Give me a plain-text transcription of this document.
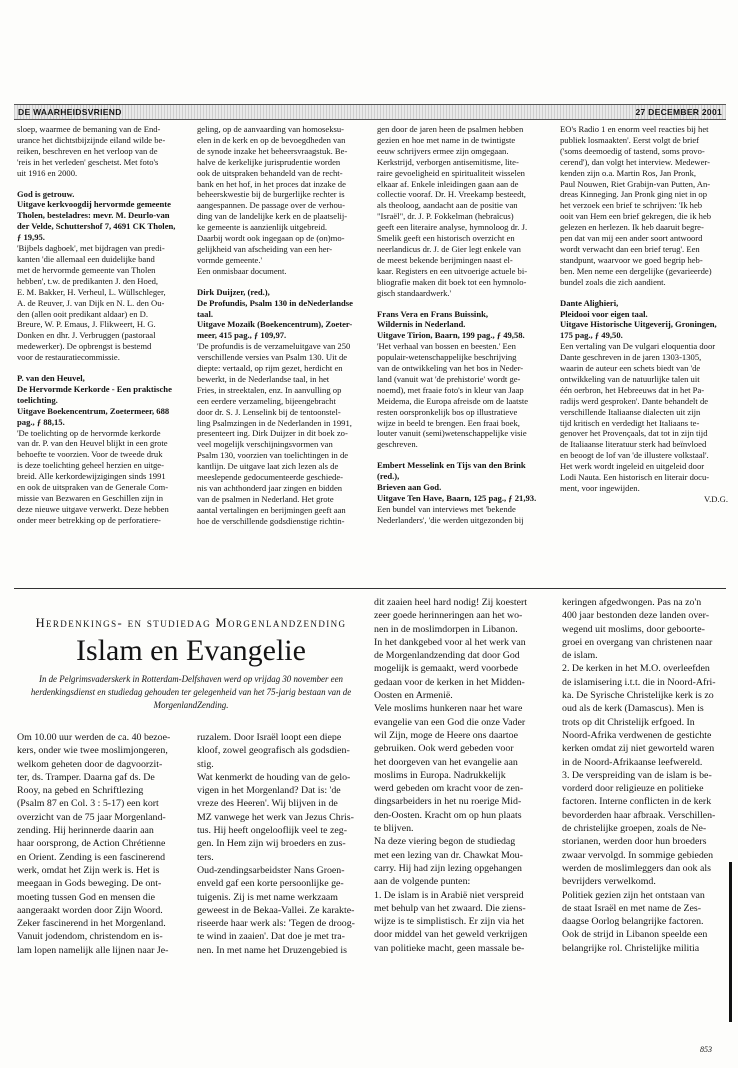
DE WAARHEIDSVRIEND	27 DECEMBER 2001

sloep, waarmee de bemaning van de End-

urance het dichtstbijzijnde eiland wilde be-

reiken, beschreven en het verloop van de

'reis in het verleden' geschetst. Met foto's

uit 1916 en 2000.

God is getrouw.

Uitgave kerkvoogdij hervormde gemeente

Tholen, besteladres: mevr. M. Deurlo-van

der Velde, Schuttershof 7, 4691 CK Tholen,

ƒ 19,95.

'Bijbels dagboek', met bijdragen van predi-

kanten 'die allemaal een duidelijke band

met de hervormde gemeente van Tholen

hebben', t.w. de predikanten J. den Hoed,

E. M. Bakker, H. Verheul, L. Wüllschleger,

A. de Reuver, J. van Dijk en N. L. den Ou-

den (allen ooit predikant aldaar) en D.

Breure, W. P. Emaus, J. Flikweert, H. G.

Donken en dhr. J. Verbruggen (pastoraal

medewerker). De opbrengst is bestemd

voor de restauratiecommissie.

P. van den Heuvel,

De Hervormde Kerkorde - Een praktische

toelichting.

Uitgave Boekencentrum, Zoetermeer, 688

pag., ƒ 88,15.

'De toelichting op de hervormde kerkorde

van dr. P. van den Heuvel blijkt in een grote

behoefte te voorzien. Voor de tweede druk

is deze toelichting geheel herzien en uitge-

breid. Alle kerkordewijzigingen sinds 1991

en ook de uitspraken van de Generale Com-

missie van Bezwaren en Geschillen zijn in

deze nieuwe uitgave verwerkt. Deze hebben

onder meer betrekking op de perforatiere-

geling, op de aanvaarding van homoseksu-

elen in de kerk en op de bevoegdheden van

de synode inzake het beheersvraagstuk. Be-

halve de kerkelijke jurisprudentie worden

ook de uitspraken behandeld van de recht-

bank en het hof, in het proces dat inzake de

beheerskwestie bij de burgerlijke rechter is

aangespannen. De passage over de verhou-

ding van de landelijke kerk en de plaatselij-

ke gemeente is aanzienlijk uitgebreid.

Daarbij wordt ook ingegaan op de (on)mo-

gelijkheid van afscheiding van een her-

vormde gemeente.'

Een onmisbaar document.

Dirk Duijzer, (red.),

De Profundis, Psalm 130 in deNederlandse

taal.

Uitgave Mozaïk (Boekencentrum), Zoeter-

meer, 415 pag., ƒ 109,97.

'De profundis is de verzameluitgave van 250

verschillende versies van Psalm 130. Uit de

diepte: vertaald, op rijm gezet, herdicht en

bewerkt, in de Nederlandse taal, in het

Fries, in streektalen, enz. In aanvulling op

een eerdere verzameling, bijeengebracht

door dr. S. J. Lenselink bij de tentoonstel-

ling Psalmzingen in de Nederlanden in 1991,

presenteert ing. Dirk Duijzer in dit boek zo-

veel mogelijk verschijningsvormen van

Psalm 130, voorzien van toelichtingen in de

kantlijn. De uitgave laat zich lezen als de

meeslepende gedocumenteerde geschiede-

nis van achthonderd jaar zingen en bidden

van de psalmen in Nederland. Het grote

aantal vertalingen en berijmingen geeft aan

hoe de verschillende godsdienstige richtin-

gen door de jaren heen de psalmen hebben

gezien en hoe met name in de twintigste

eeuw schrijvers ermee zijn omgegaan.

Kerkstrijd, verborgen antisemitisme, lite-

raire gevoeligheid en spiritualiteit wisselen

elkaar af. Enkele inleidingen gaan aan de

collectie vooraf. Dr. H. Vreekamp besteedt,

als theoloog, aandacht aan de positie van

"Israël", dr. J. P. Fokkelman (hebraïcus)

geeft een literaire analyse, hymnoloog dr. J.

Smelik geeft een historisch overzicht en

neerlandicus dr. J. de Gier legt enkele van

de meest bekende berijmingen naast el-

kaar. Registers en een uitvoerige actuele bi-

bliografie maken dit boek tot een hymnolo-

gisch standaardwerk.'

Frans Vera en Frans Buissink,

Wildernis in Nederland.

Uitgave Tirion, Baarn, 199 pag., ƒ 49,58.

'Het verhaal van bossen en beesten.' Een

populair-wetenschappelijke beschrijving

van de ontwikkeling van het bos in Neder-

land (vanuit wat 'de prehistorie' wordt ge-

noemd), met fraaie foto's in kleur van Jaap

Meidema, die Europa afreisde om de laatste

resten oorspronkelijk bos op illustratieve

wijze in beeld te brengen. Een fraai boek,

louter vanuit (semi)wetenschappelijke visie

geschreven.

Embert Messelink en Tijs van den Brink

(red.),

Brieven aan God.

Uitgave Ten Have, Baarn, 125 pag., ƒ 21,93.

Een bundel van interviews met 'bekende

Nederlanders', 'die werden uitgezonden bij

EO's Radio 1 en enorm veel reacties bij het

publiek losmaakten'. Eerst volgt de brief

('soms deemoedig of tastend, soms provo-

cerend'), dan volgt het interview. Medewer-

kenden zijn o.a. Martin Ros, Jan Pronk,

Paul Nouwen, Riet Grabijn-van Putten, An-

dreas Kinneging. Jan Pronk ging niet in op

het verzoek een brief te schrijven: 'Ik heb

ooit van Hem een brief gekregen, die ik heb

gelezen en herlezen. Ik heb daaruit begre-

pen dat van mij een ander soort antwoord

wordt verwacht dan een brief terug'. Een

standpunt, waarvoor we goed begrip heb-

ben. Men neme een dergelijke (gevarieerde)

bundel zoals die zich aandient.

Dante Alighieri,

Pleidooi voor eigen taal.

Uitgave Historische Uitgeverij, Groningen,

175 pag., ƒ 49,50.

Een vertaling van De vulgari eloquentia door

Dante geschreven in de jaren 1303-1305,

waarin de auteur een schets biedt van 'de

ontwikkeling van de natuurlijke talen uit

één oerbron, het Hebreeuws dat in het Pa-

radijs werd gesproken'. Dante behandelt de

verschillende Italiaanse dialecten uit zijn

tijd kritisch en verdedigt het Italiaans te-

genover het Provençaals, dat tot in zijn tijd

de Italiaanse literatuur sterk had beïnvloed

en beoogt de lof van 'de illustere volkstaal'.

Het werk wordt ingeleid en uitgeleid door

Lodi Nauta. Een historisch en literair docu-

ment, voor ingewijden.

V.D.G.

Herdenkings- en studiedag Morgenlandzending
Islam en Evangelie
In de Pelgrimsvaderskerk in Rotterdam-Delfshaven werd op vrijdag 30 november een herdenkingsdienst en studiedag gehouden ter gelegenheid van het 75-jarig bestaan van de MorgenlandZending.

Om 10.00 uur werden de ca. 40 bezoe-

kers, onder wie twee moslimjongeren,

welkom geheten door de dagvoorzit-

ter, ds. Tramper. Daarna gaf ds. De

Rooy, na gebed en Schriftlezing

(Psalm 87 en Col. 3 : 5-17) een kort

overzicht van de 75 jaar Morgenland-

zending. Hij herinnerde daarin aan

haar oorsprong, de Action Chrétienne

en Orient. Zending is een fascinerend

werk, omdat het Zijn werk is. Het is

meegaan in Gods beweging. De ont-

moeting tussen God en mensen die

aangeraakt worden door Zijn Woord.

Zeker fascinerend in het Morgenland.

Vanuit jodendom, christendom en is-

lam lopen namelijk alle lijnen naar Je-

ruzalem. Door Israël loopt een diepe

kloof, zowel geografisch als godsdien-

stig.

Wat kenmerkt de houding van de gelo-

vigen in het Morgenland? Dat is: 'de

vreze des Heeren'. Wij blijven in de

MZ vanwege het werk van Jezus Chris-

tus. Hij heeft ongelooflijk veel te zeg-

gen. In Hem zijn wij broeders en zus-

ters.

Oud-zendingsarbeidster Nans Groen-

enveld gaf een korte persoonlijke ge-

tuigenis. Zij is met name werkzaam

geweest in de Bekaa-Vallei. Ze karakte-

riseerde haar werk als: 'Tegen de droog-

te wind in zaaien'. Dat doe je met tra-

nen. In met name het Druzengebied is

dit zaaien heel hard nodig! Zij koestert

zeer goede herinneringen aan het wo-

nen in de moslimdorpen in Libanon.

In het dankgebed voor al het werk van

de Morgenlandzending dat door God

mogelijk is gemaakt, werd voorbede

gedaan voor de kerken in het Midden-

Oosten en Armenië.

Vele moslims hunkeren naar het ware

evangelie van een God die onze Vader

wil Zijn, moge de Heere ons daartoe

gebruiken. Ook werd gebeden voor

het doorgeven van het evangelie aan

moslims in Europa. Nadrukkelijk

werd gebeden om kracht voor de zen-

dingsarbeiders in het nu roerige Mid-

den-Oosten. Kracht om op hun plaats

te blijven.

Na deze viering begon de studiedag

met een lezing van dr. Chawkat Mou-

carry. Hij had zijn lezing opgehangen

aan de volgende punten:

1. De islam is in Arabië niet verspreid

met behulp van het zwaard. Die ziens-

wijze is te simplistisch. Er zijn via het

door middel van het geweld verkrijgen

van politieke macht, geen massale be-

keringen afgedwongen. Pas na zo'n

400 jaar bestonden deze landen over-

wegend uit moslims, door geboorte-

groei en overgang van christenen naar

de islam.

2. De kerken in het M.O. overleefden

de islamisering i.t.t. die in Noord-Afri-

ka. De Syrische Christelijke kerk is zo

oud als de kerk (Damascus). Men is

trots op dit Christelijk erfgoed. In

Noord-Afrika verdwenen de gestichte

kerken omdat zij niet geworteld waren

in de Noord-Afrikaanse leefwereld.

3. De verspreiding van de islam is be-

vorderd door religieuze en politieke

factoren. Interne conflicten in de kerk

bevorderden haar afbraak. Verschillen-

de christelijke groepen, zoals de Ne-

storianen, werden door hun broeders

zwaar vervolgd. In sommige gebieden

werden de moslimleggers dan ook als

bevrijders verwelkomd.

Politiek gezien zijn het ontstaan van

de staat Israël en met name de Zes-

daagse Oorlog belangrijke factoren.

Ook de strijd in Libanon speelde een

belangrijke rol. Christelijke militia

853
